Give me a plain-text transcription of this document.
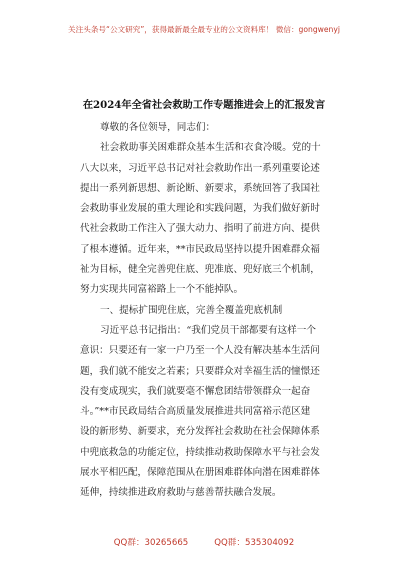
关注头条号“公文研究”，获得最新最全最专业的公文资料库！ 微信：gongwenyj
在2024年全省社会救助工作专题推进会上的汇报发言
尊敬的各位领导，同志们：
社会救助事关困难群众基本生活和衣食冷暖。党的十
八大以来，习近平总书记对社会救助作出一系列重要论述
提出一系列新思想、新论断、新要求，系统回答了我国社
会救助事业发展的重大理论和实践问题，为我们做好新时
代社会救助工作注入了强大动力、指明了前进方向、提供
了根本遵循。近年来，**市民政局坚持以提升困难群众福
祉为目标，健全完善兜住底、兜准底、兜好底三个机制，
努力实现共同富裕路上一个不能掉队。
一、提标扩围兜住底，完善全覆盖兜底机制
习近平总书记指出：“我们党员干部都要有这样一个
意识：只要还有一家一户乃至一个人没有解决基本生活问
题，我们就不能安之若素；只要群众对幸福生活的憧憬还
没有变成现实，我们就要毫不懈怠团结带领群众一起奋
斗。”**市民政局结合高质量发展推进共同富裕示范区建
设的新形势、新要求，充分发挥社会救助在社会保障体系
中兜底救急的功能定位，持续推动救助保障水平与社会发
展水平相匹配，保障范围从在册困难群体向潜在困难群体
延伸，持续推进政府救助与慈善帮扶融合发展。
QQ群：30265665	QQ群：535304092
